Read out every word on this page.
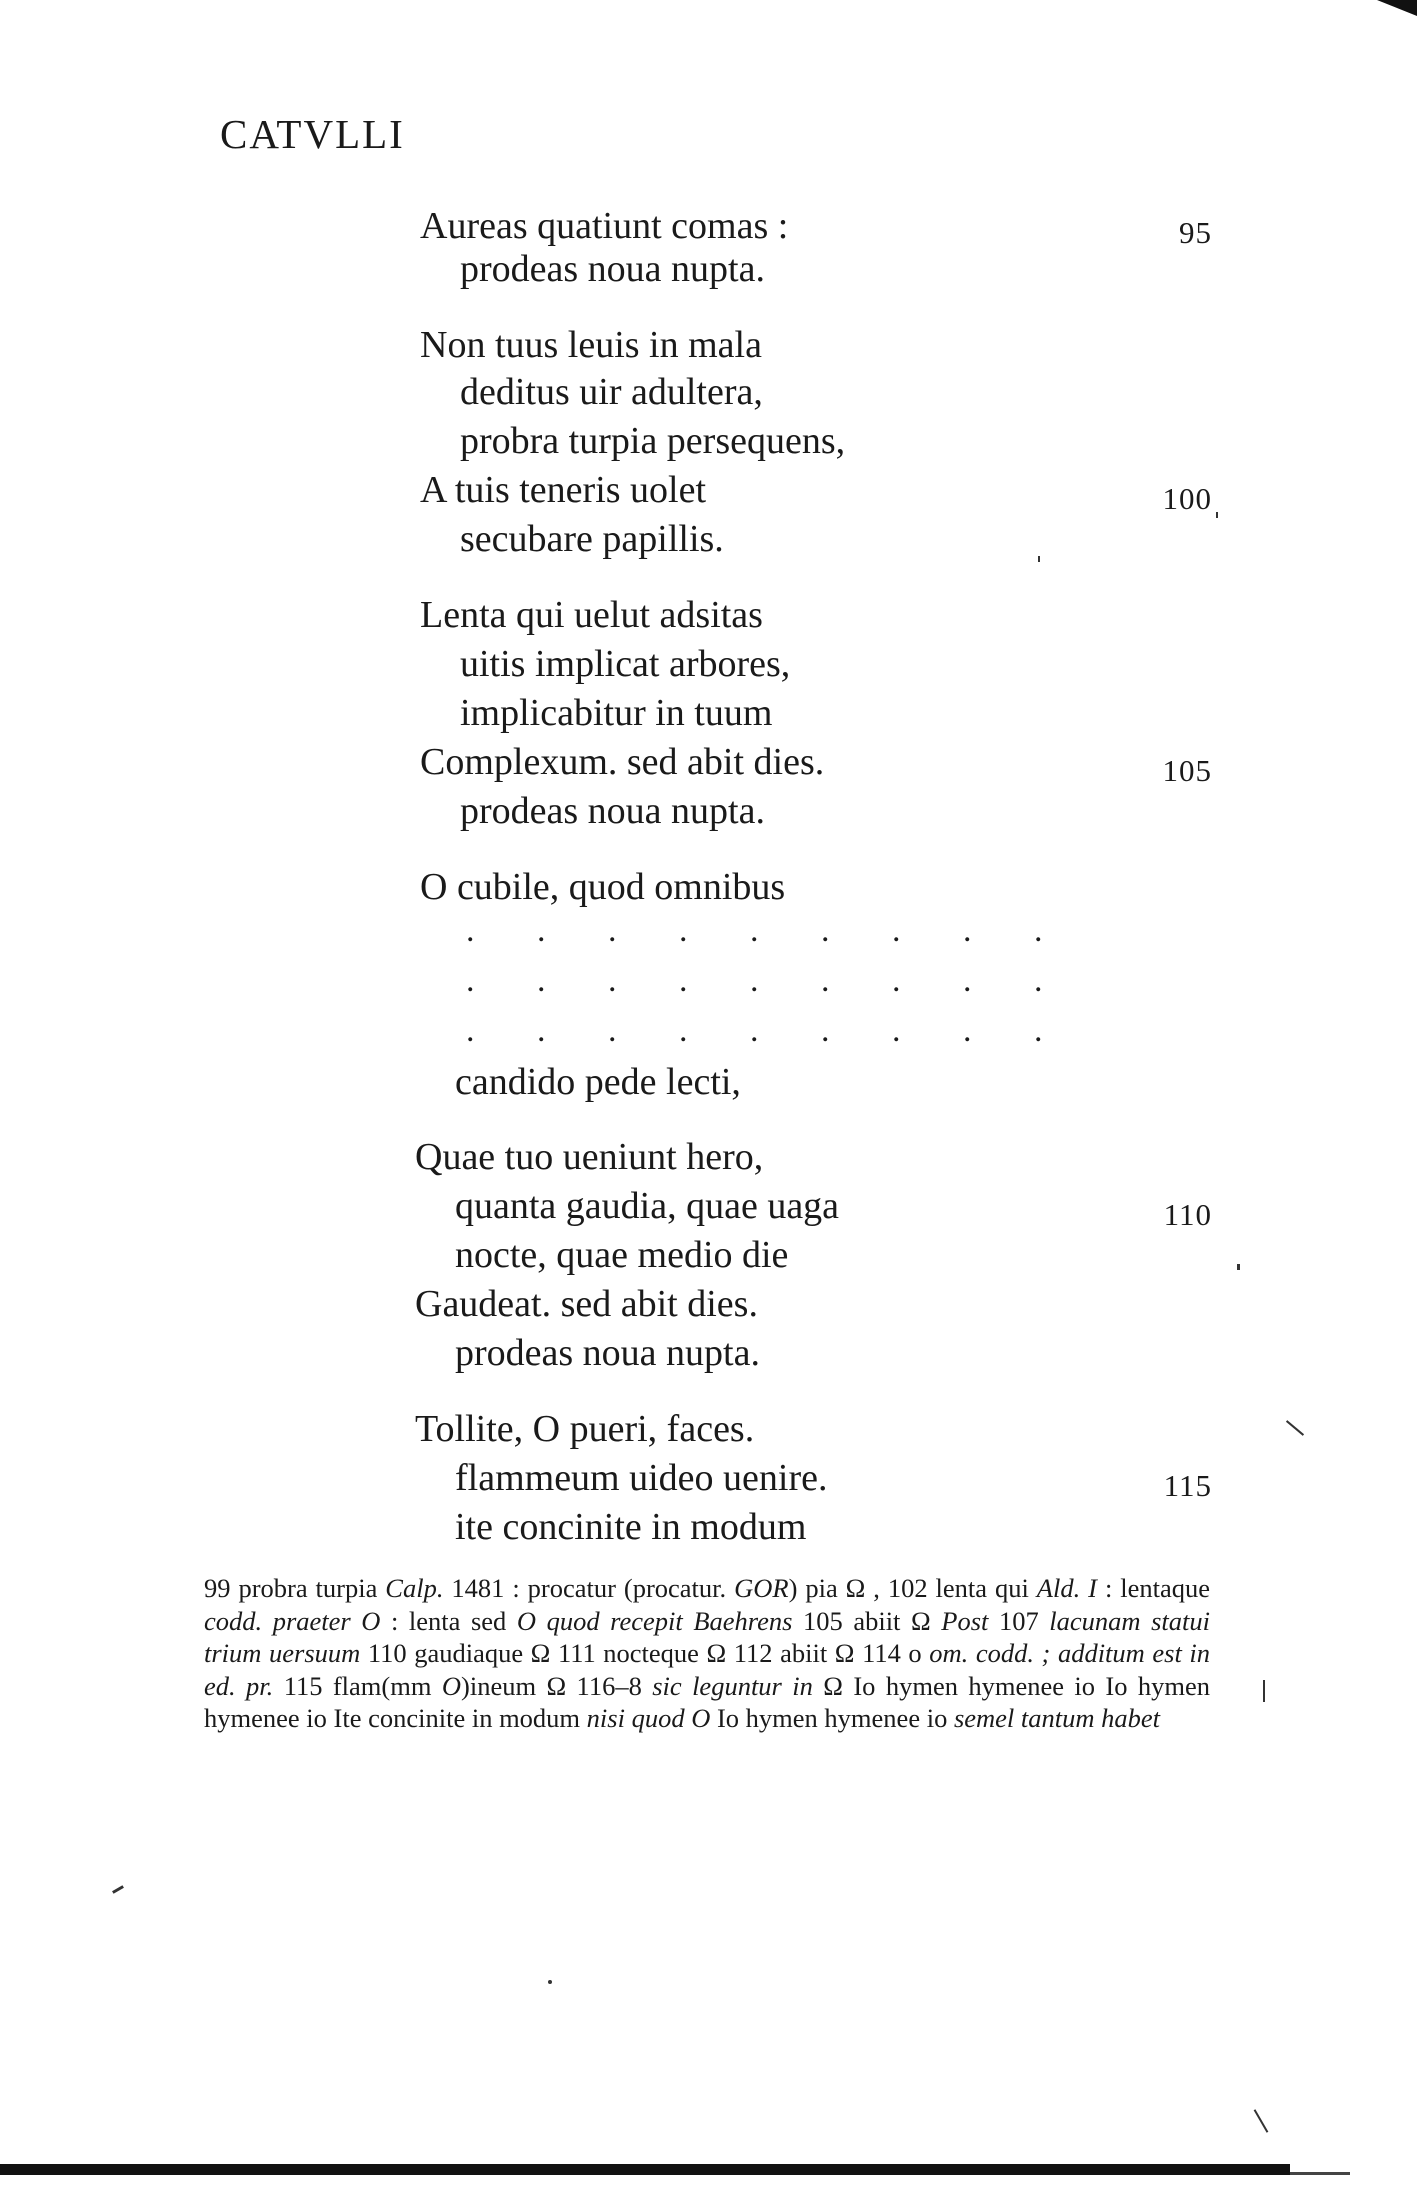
CATVLLI
Aureas quatiunt comas :
prodeas noua nupta.
Non tuus leuis in mala
deditus uir adultera,
probra turpia persequens,
A tuis teneris uolet
secubare papillis.
Lenta qui uelut adsitas
uitis implicat arbores,
implicabitur in tuum
Complexum. sed abit dies.
prodeas noua nupta.
O cubile, quod omnibus
. . . . . . . . .
. . . . . . . . .
. . . . . . . . .
candido pede lecti,
Quae tuo ueniunt hero,
quanta gaudia, quae uaga
nocte, quae medio die
Gaudeat. sed abit dies.
prodeas noua nupta.
Tollite, O pueri, faces.
flammeum uideo uenire.
ite concinite in modum
95
100
105
110
115

99 probra turpia Calp. 1481 : procatur (procatur. GOR) pia Ω , 102 lenta qui Ald. I : lentaque codd. praeter O : lenta sed O quod recepit Baehrens 105 abiit Ω Post 107 lacunam statui trium uersuum 110 gaudiaque Ω 111 nocteque Ω 112 abiit Ω 114 o om. codd. ; additum est in ed. pr. 115 flam(mm O)ineum Ω 116–8 sic leguntur in Ω Io hymen hymenee io Io hymen hymenee io Ite concinite in modum nisi quod O Io hymen hymenee io semel tantum habet
